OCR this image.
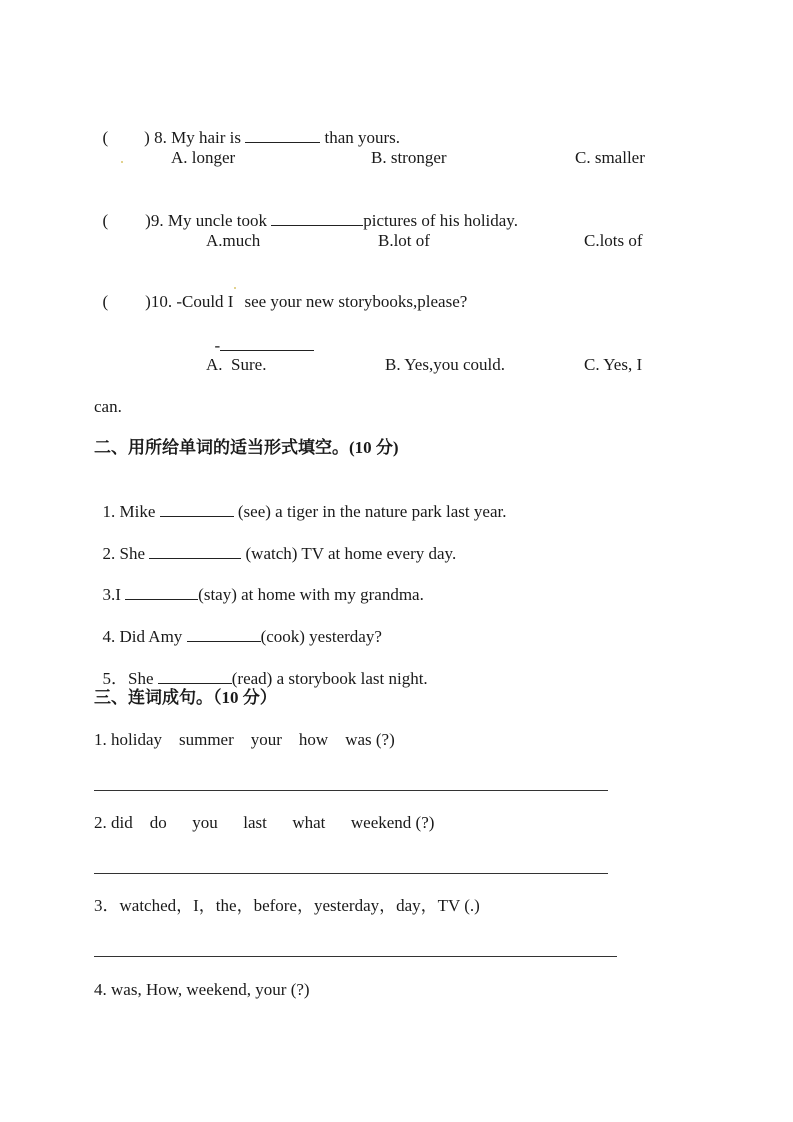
( ) 8. My hair is	than yours.

A. longer	B. stronger	C. smaller

( )9. My uncle took	pictures of his holiday.

A.much	B.lot of	C.lots of

( )10. -Could I see your new storybooks,please?

-

A.  Sure.	B. Yes,you could.	C. Yes, I
can.
二、用所给单词的适当形式填空。(10 分)

1. Mike	(see) a tiger in the nature park last year.

2. She	(watch) TV at home every day.

3.I	(stay) at home with my grandma.

4. Did Amy	(cook) yesterday?

5．She	(read) a storybook last night.

三、连词成句。（10 分）
1. holiday    summer    your    how    was (?)
2. did    do      you      last      what      weekend (?)
3．watched，I，the，before，yesterday，day，TV (.)
4. was, How, weekend, your (?)
